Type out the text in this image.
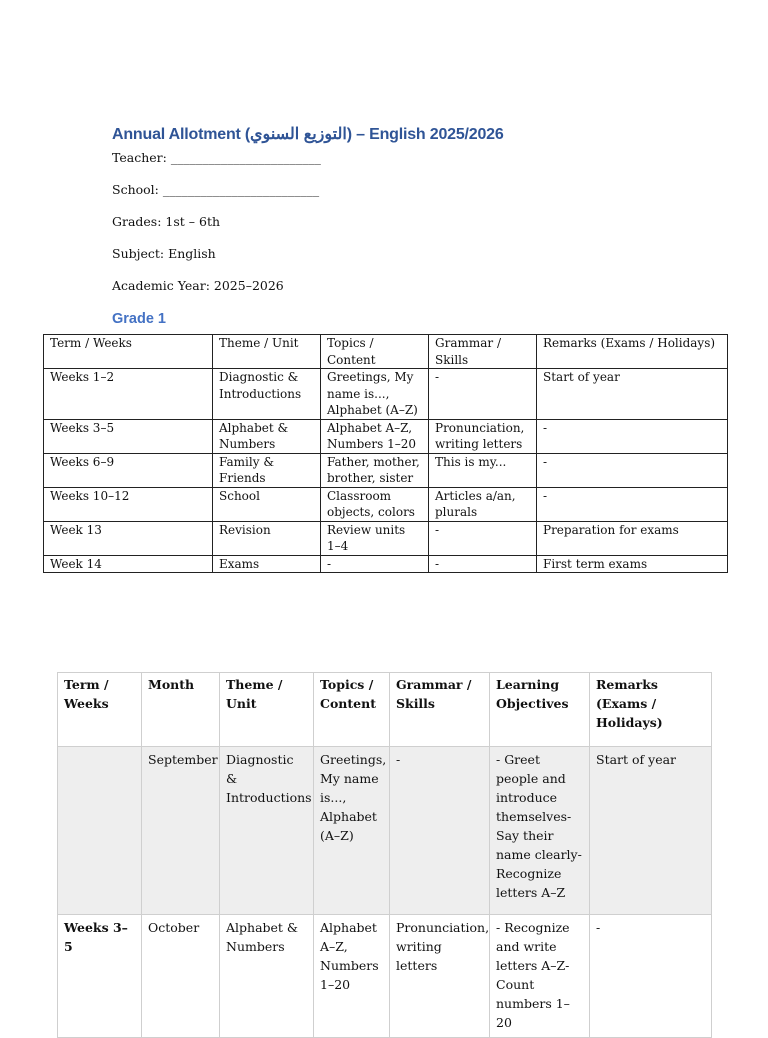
Annual Allotment (التوزيع السنوي) – English 2025/2026
Teacher: ________________________
School: _________________________
Grades: 1st – 6th
Subject: English
Academic Year: 2025–2026
Grade 1
Term / Weeks	Theme / Unit	Topics / Content	Grammar / Skills	Remarks (Exams / Holidays)
Weeks 1–2	Diagnostic & Introductions	Greetings, My name is..., Alphabet (A–Z)	-	Start of year
Weeks 3–5	Alphabet & Numbers	Alphabet A–Z, Numbers 1–20	Pronunciation, writing letters	-
Weeks 6–9	Family & Friends	Father, mother, brother, sister	This is my...	-
Weeks 10–12	School	Classroom objects, colors	Articles a/an, plurals	-
Week 13	Revision	Review units 1–4	-	Preparation for exams
Week 14	Exams	-	-	First term exams
Term / Weeks	Month	Theme / Unit	Topics / Content	Grammar / Skills	Learning Objectives	Remarks (Exams / Holidays)
	September	Diagnostic & Introductions	Greetings, My name is..., Alphabet (A–Z)	-	- Greet people and introduce themselves- Say their name clearly- Recognize letters A–Z	Start of year
Weeks 3–5	October	Alphabet & Numbers	Alphabet A–Z, Numbers 1–20	Pronunciation, writing letters	- Recognize and write letters A–Z- Count numbers 1–20	-
